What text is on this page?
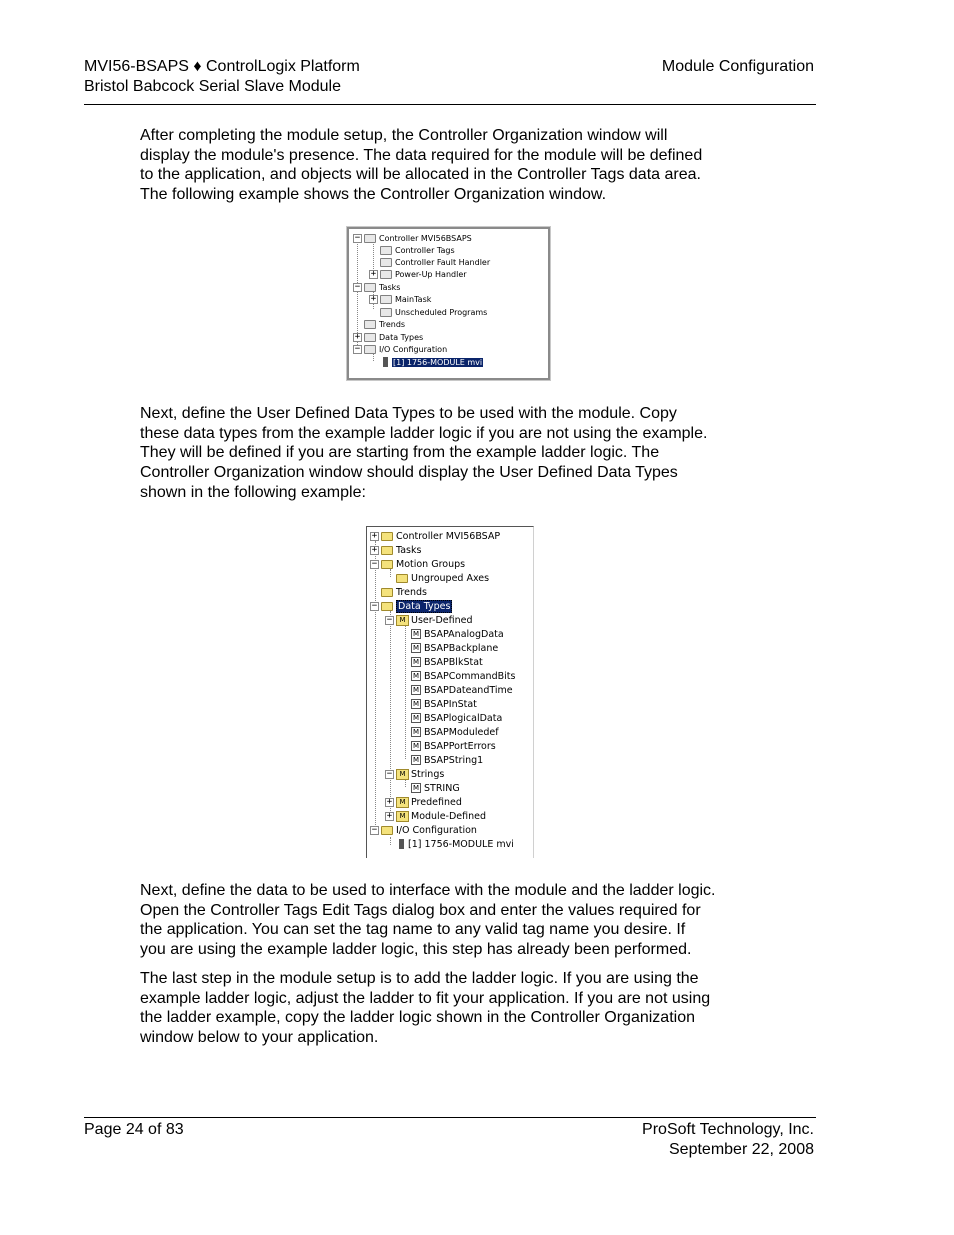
MVI56-BSAPS ♦ ControlLogix Platform
Bristol Babcock Serial Slave Module
Module Configuration

After completing the module setup, the Controller Organization window will
display the module's presence. The data required for the module will be defined
to the application, and objects will be allocated in the Controller Tags data area.
The following example shows the Controller Organization window.

− Controller MVI56BSAPS
Controller Tags
Controller Fault Handler
+ Power-Up Handler
− Tasks
+ MainTask
Unscheduled Programs
Trends
+ Data Types
− I/O Configuration
[1] 1756-MODULE mvi

Next, define the User Defined Data Types to be used with the module. Copy
these data types from the example ladder logic if you are not using the example.
They will be defined if you are starting from the example ladder logic. The
Controller Organization window should display the User Defined Data Types
shown in the following example:

+ Controller MVI56BSAP
+ Tasks
− Motion Groups
Ungrouped Axes
Trends
− Data Types
−	M User-Defined
M BSAPAnalogData
M BSAPBackplane
M BSAPBlkStat
M BSAPCommandBits
M BSAPDateandTime
M BSAPInStat
M BSAPlogicalData
M BSAPModuledef
M BSAPPortErrors
M BSAPString1
−	M Strings
M STRING
+	M Predefined
+	M Module-Defined
− I/O Configuration
[1] 1756-MODULE mvi

Next, define the data to be used to interface with the module and the ladder logic.
Open the Controller Tags Edit Tags dialog box and enter the values required for
the application. You can set the tag name to any valid tag name you desire. If
you are using the example ladder logic, this step has already been performed.

The last step in the module setup is to add the ladder logic. If you are using the
example ladder logic, adjust the ladder to fit your application. If you are not using
the ladder example, copy the ladder logic shown in the Controller Organization
window below to your application.

Page 24 of 83	ProSoft Technology, Inc.
September 22, 2008
